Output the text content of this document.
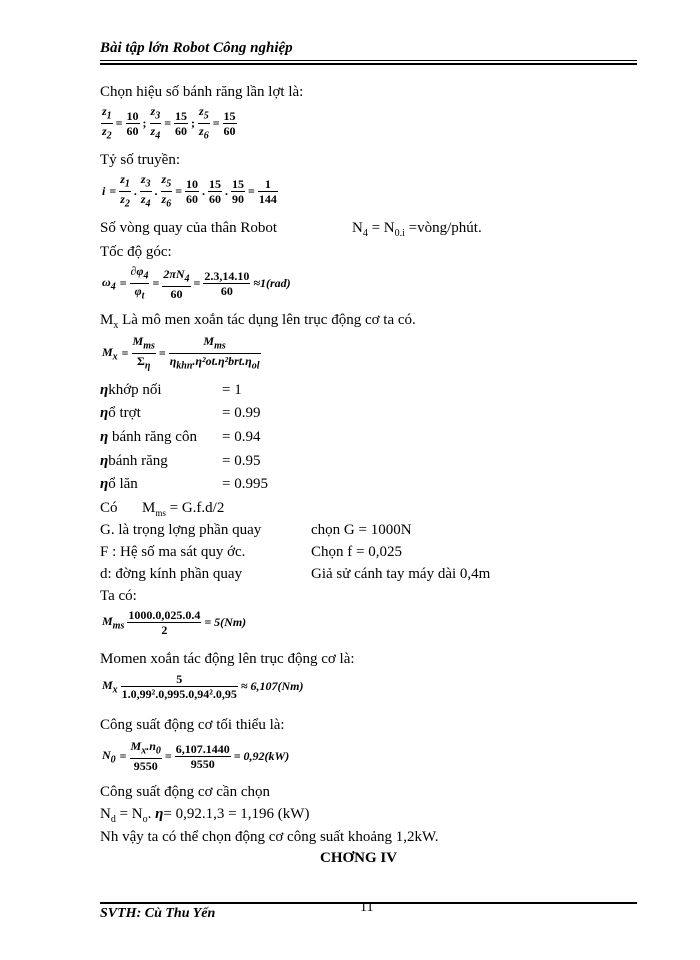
Bài tập lớn Robot Công nghiệp
Chọn hiệu số bánh răng lần lợt là:
$\frac{z_1}{z_2} = \frac{10}{60}$ ; $\frac{z_3}{z_4} = \frac{15}{60}$ ; $\frac{z_5}{z_6} = \frac{15}{60}$
Tỷ số truyền:
$i = \frac{z_1}{z_2}$ . $\frac{z_3}{z_4}$ . $\frac{z_5}{z_6} = \frac{10}{60}$ . $\frac{15}{60}$ . $\frac{15}{90} = \frac{1}{144}$
Số vòng quay của thân Robot	$N_4 = N_{0.i}$ =vòng/phút.
Tốc độ góc:
$\omega_4 = \frac{\partial\varphi_4}{\varphi_t} = \frac{2\pi N_4}{60} = \frac{2.3,14.10}{60} \approx 1(rad)$
$M_x$ Là mô men xoắn tác dụng lên trục động cơ ta có.
$M_x = \frac{M_{ms}}{\Sigma_\eta} = \frac{M_{ms}}{\eta_{khn}.\eta^2ot.\eta^2brt.\eta_{ol}}$
ηkhớp nối	= 1
ηổ trợt	= 0.99
η bánh răng côn = 0.94
ηbánh răng	= 0.95
ηổ lăn	= 0.995
Có $M_{ms} = G.f.d/2$
G. là trọng lợng phần quay	chọn G = 1000N
F : Hệ số ma sát quy ớc.	Chọn f = 0,025
d: đờng kính phần quay	Giả sử cánh tay máy dài 0,4m
Ta có:
$M_{ms} \frac{1000.0,025.0.4}{2} = 5(Nm)$
Momen xoắn tác động lên trục động cơ là:
$M_x \frac{5}{\text{1.0,99².0,995.0,94².0,95}} \approx 6,107(Nm)$
Công suất động cơ tối thiểu là:
$N_0 = \frac{M_x.n_0}{9550} = \frac{6,107.1440}{9550} = 0,92(kW)$
Công suất động cơ cần chọn
$N_d = N_o$. η= 0,92.1,3 = 1,196 (kW)
Nh vậy ta có thể chọn động cơ công suất khoảng 1,2kW.
CHƠNG IV
11
SVTH: Cù Thu Yến
